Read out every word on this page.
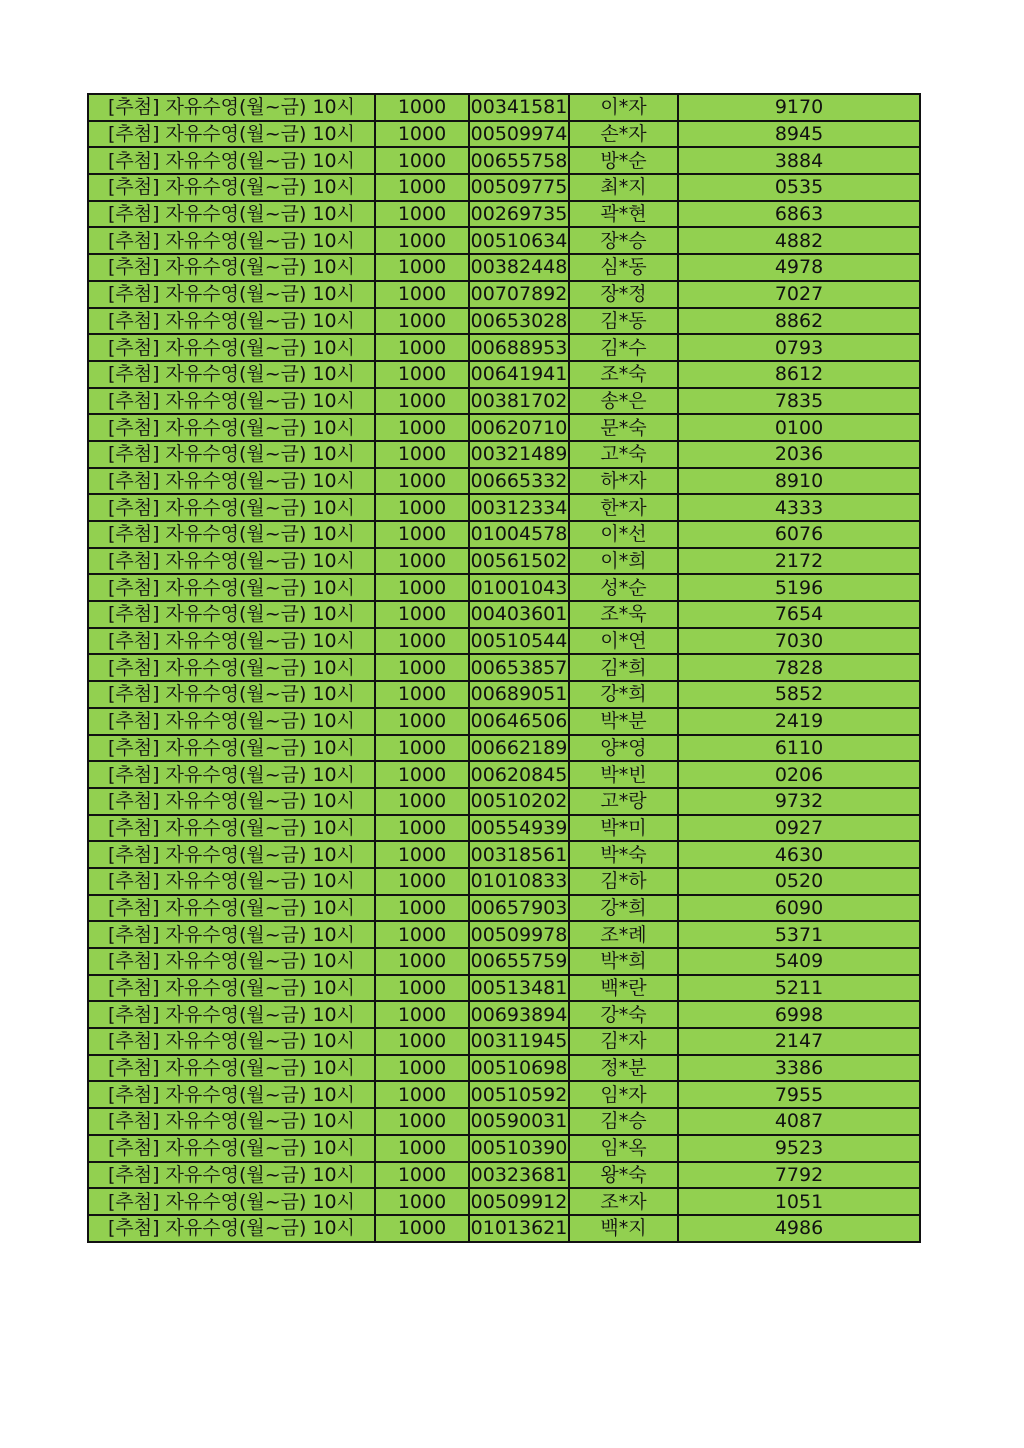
[추첨] 자유수영(월~금) 10시	1000	00341581	이*자	9170
[추첨] 자유수영(월~금) 10시	1000	00509974	손*자	8945
[추첨] 자유수영(월~금) 10시	1000	00655758	방*순	3884
[추첨] 자유수영(월~금) 10시	1000	00509775	최*지	0535
[추첨] 자유수영(월~금) 10시	1000	00269735	곽*현	6863
[추첨] 자유수영(월~금) 10시	1000	00510634	장*승	4882
[추첨] 자유수영(월~금) 10시	1000	00382448	심*동	4978
[추첨] 자유수영(월~금) 10시	1000	00707892	장*정	7027
[추첨] 자유수영(월~금) 10시	1000	00653028	김*동	8862
[추첨] 자유수영(월~금) 10시	1000	00688953	김*수	0793
[추첨] 자유수영(월~금) 10시	1000	00641941	조*숙	8612
[추첨] 자유수영(월~금) 10시	1000	00381702	송*은	7835
[추첨] 자유수영(월~금) 10시	1000	00620710	문*숙	0100
[추첨] 자유수영(월~금) 10시	1000	00321489	고*숙	2036
[추첨] 자유수영(월~금) 10시	1000	00665332	하*자	8910
[추첨] 자유수영(월~금) 10시	1000	00312334	한*자	4333
[추첨] 자유수영(월~금) 10시	1000	01004578	이*선	6076
[추첨] 자유수영(월~금) 10시	1000	00561502	이*희	2172
[추첨] 자유수영(월~금) 10시	1000	01001043	성*순	5196
[추첨] 자유수영(월~금) 10시	1000	00403601	조*욱	7654
[추첨] 자유수영(월~금) 10시	1000	00510544	이*연	7030
[추첨] 자유수영(월~금) 10시	1000	00653857	김*희	7828
[추첨] 자유수영(월~금) 10시	1000	00689051	강*희	5852
[추첨] 자유수영(월~금) 10시	1000	00646506	박*분	2419
[추첨] 자유수영(월~금) 10시	1000	00662189	양*영	6110
[추첨] 자유수영(월~금) 10시	1000	00620845	박*빈	0206
[추첨] 자유수영(월~금) 10시	1000	00510202	고*랑	9732
[추첨] 자유수영(월~금) 10시	1000	00554939	박*미	0927
[추첨] 자유수영(월~금) 10시	1000	00318561	박*숙	4630
[추첨] 자유수영(월~금) 10시	1000	01010833	김*하	0520
[추첨] 자유수영(월~금) 10시	1000	00657903	강*희	6090
[추첨] 자유수영(월~금) 10시	1000	00509978	조*례	5371
[추첨] 자유수영(월~금) 10시	1000	00655759	박*희	5409
[추첨] 자유수영(월~금) 10시	1000	00513481	백*란	5211
[추첨] 자유수영(월~금) 10시	1000	00693894	강*숙	6998
[추첨] 자유수영(월~금) 10시	1000	00311945	김*자	2147
[추첨] 자유수영(월~금) 10시	1000	00510698	정*분	3386
[추첨] 자유수영(월~금) 10시	1000	00510592	임*자	7955
[추첨] 자유수영(월~금) 10시	1000	00590031	김*승	4087
[추첨] 자유수영(월~금) 10시	1000	00510390	임*옥	9523
[추첨] 자유수영(월~금) 10시	1000	00323681	왕*숙	7792
[추첨] 자유수영(월~금) 10시	1000	00509912	조*자	1051
[추첨] 자유수영(월~금) 10시	1000	01013621	백*지	4986
